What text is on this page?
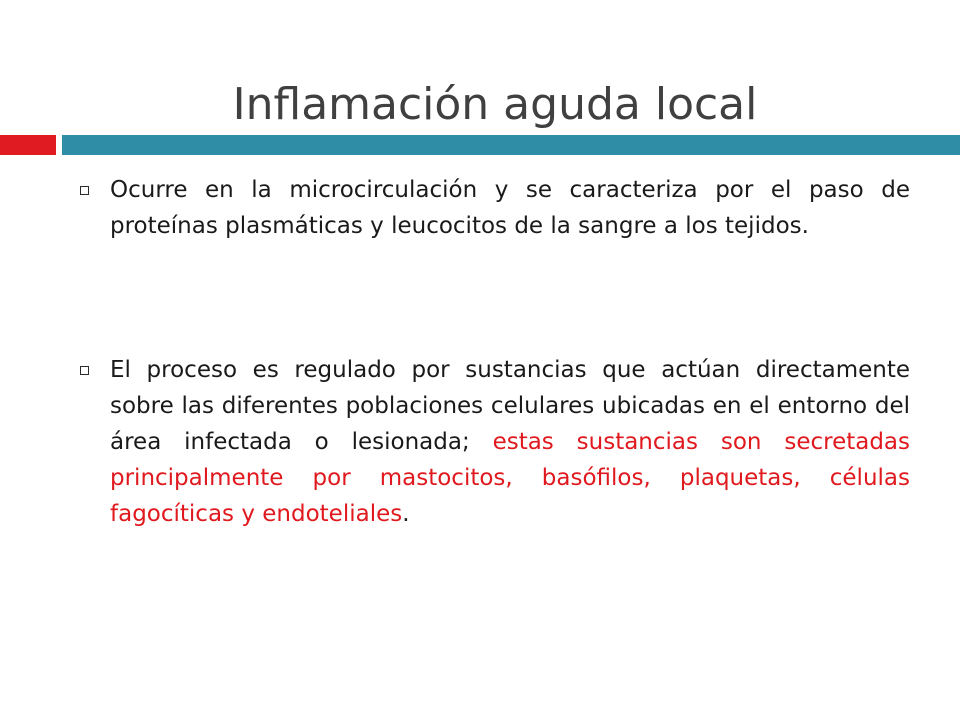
Inflamación aguda local
Ocurre en la microcirculación y se caracteriza por el paso de proteínas plasmáticas y leucocitos de la sangre a los tejidos.
El proceso es regulado por sustancias que actúan directamente sobre las diferentes poblaciones celulares ubicadas en el entorno del área infectada o lesionada; estas sustancias son secretadas principalmente por mastocitos, basófilos, plaquetas, células fagocíticas y endoteliales.
